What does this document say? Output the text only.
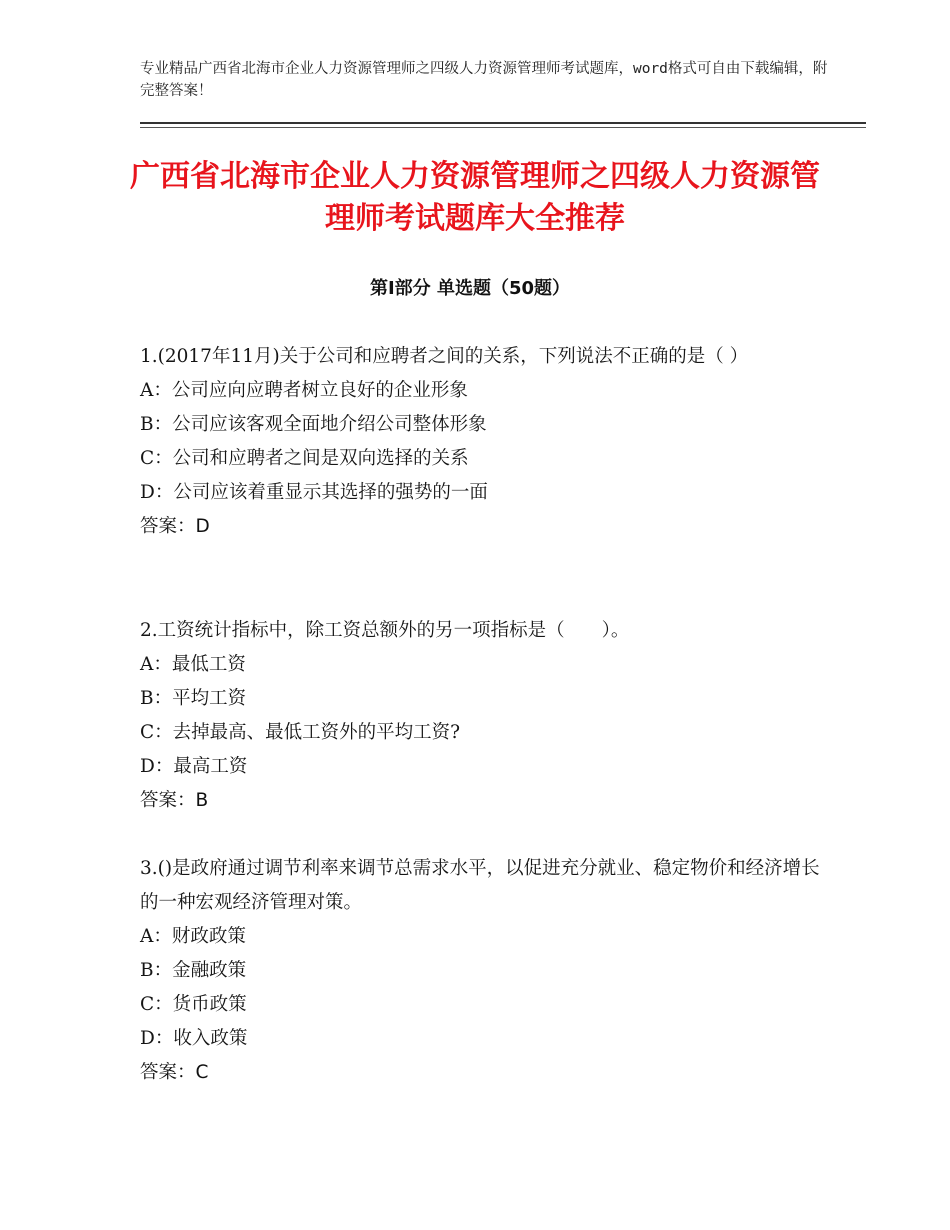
专业精品广西省北海市企业人力资源管理师之四级人力资源管理师考试题库，word格式可自由下载编辑，附完整答案！
广西省北海市企业人力资源管理师之四级人力资源管理师考试题库大全推荐
第I部分 单选题（50题）
1.(2017年11月)关于公司和应聘者之间的关系，下列说法不正确的是（ ）
A：公司应向应聘者树立良好的企业形象
B：公司应该客观全面地介绍公司整体形象
C：公司和应聘者之间是双向选择的关系
D：公司应该着重显示其选择的强势的一面
答案：D
2.工资统计指标中，除工资总额外的另一项指标是（　　）。
A：最低工资
B：平均工资
C：去掉最高、最低工资外的平均工资?
D：最高工资
答案：B
3.()是政府通过调节利率来调节总需求水平，以促进充分就业、稳定物价和经济增长的一种宏观经济管理对策。
A：财政政策
B：金融政策
C：货币政策
D：收入政策
答案：C
